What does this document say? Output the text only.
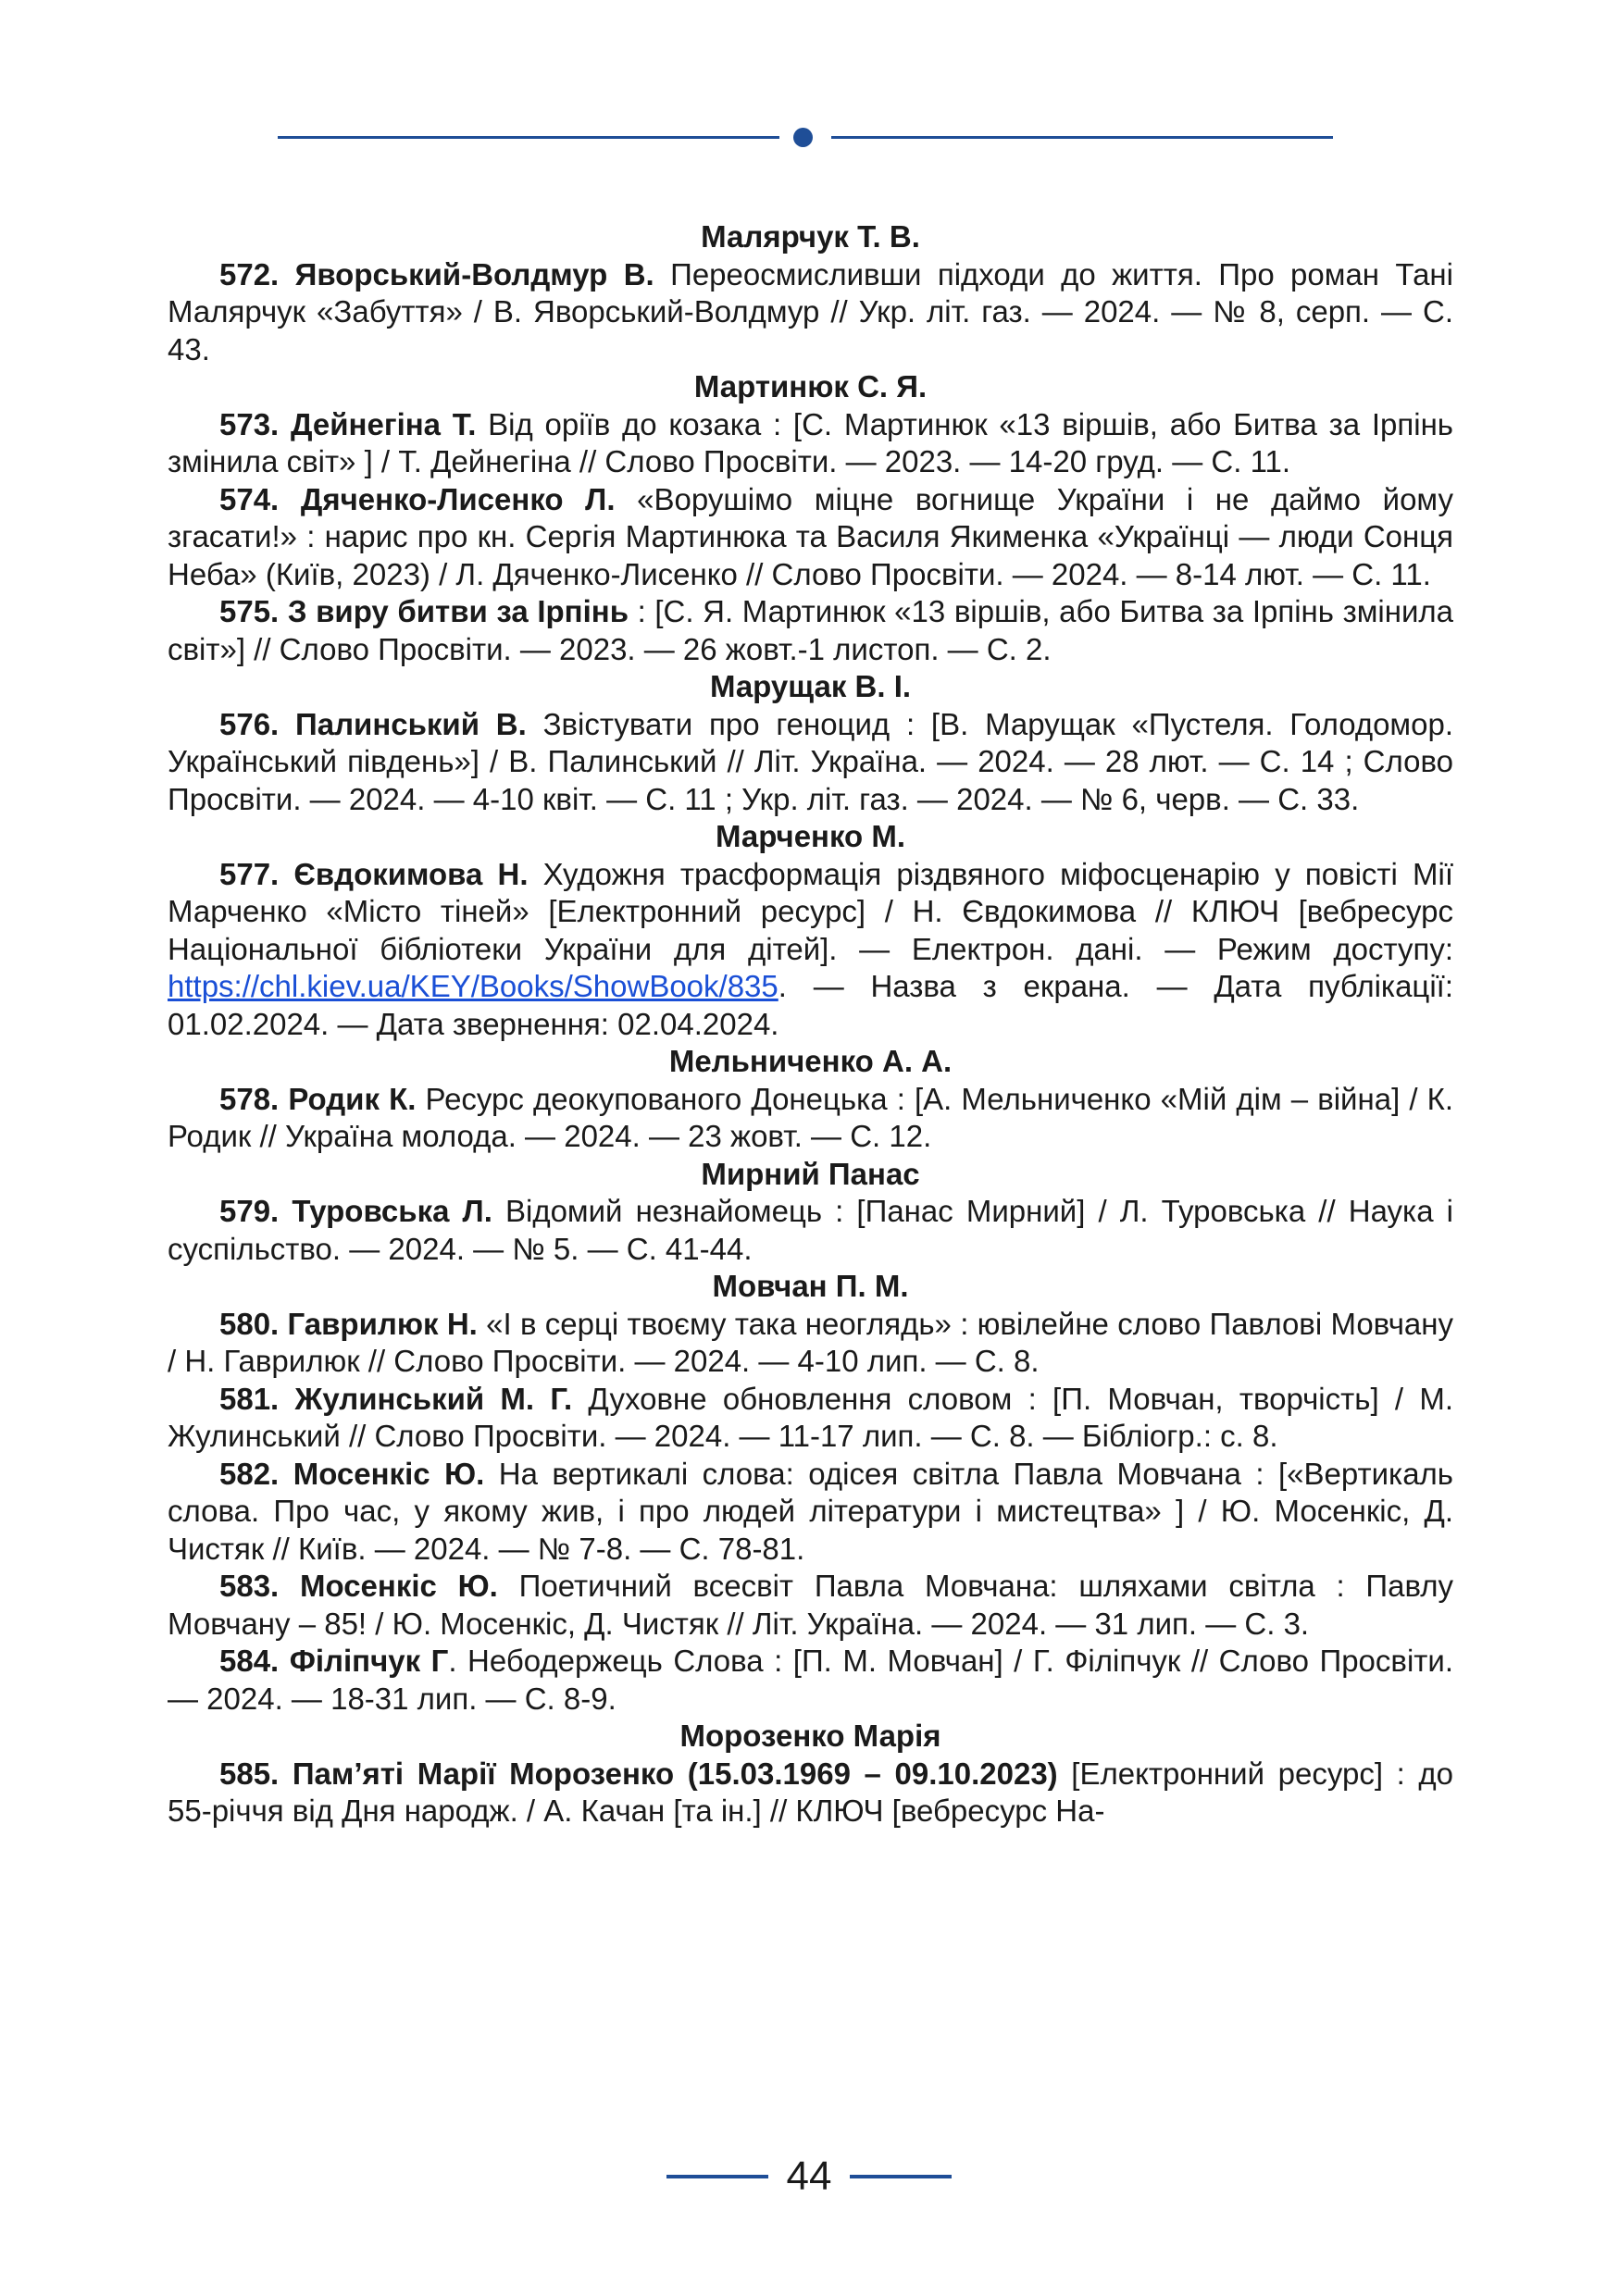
Малярчук Т. В.

572. Яворський-Волдмур В. Переосмисливши підходи до життя. Про роман Тані Малярчук «Забуття» / В. Яворський-Волдмур // Укр. літ. газ. — 2024. — № 8, серп. — С. 43.

Мартинюк С. Я.

573. Дейнегіна Т. Від оріїв до козака : [С. Мартинюк «13 віршів, або Битва за Ірпінь змінила світ» ] / Т. Дейнегіна // Слово Просвіти. — 2023. — 14-20 груд. — С. 11.

574. Дяченко-Лисенко Л. «Ворушімо міцне вогнище України і не даймо йому згасати!» : нарис про кн. Сергія Мартинюка та Василя Якименка «Українці — люди Сонця Неба» (Київ, 2023) / Л. Дяченко-Лисенко // Слово Просвіти. — 2024. — 8-14 лют. — С. 11.

575. З виру битви за Ірпінь : [С. Я. Мартинюк «13 віршів, або Битва за Ірпінь змінила світ»] // Слово Просвіти. — 2023. — 26 жовт.-1 листоп. — С. 2.

Марущак В. І.

576. Палинський В. Звістувати про геноцид : [В. Марущак «Пустеля. Голодомор. Український південь»] / В. Палинський // Літ. Україна. — 2024. — 28 лют. — С. 14 ; Слово Просвіти. — 2024. — 4-10 квіт. — С. 11 ; Укр. літ. газ. — 2024. — № 6, черв. — С. 33.

Марченко М.

577. Євдокимова Н. Художня трасформація різдвяного міфосценарію у повісті Мії Марченко «Місто тіней» [Електронний ресурс] / Н. Євдокимова // КЛЮЧ [вебресурс Національної бібліотеки України для дітей]. — Електрон. дані. — Режим доступу: https://chl.kiev.ua/KEY/Books/ShowBook/835. — Назва з екрана. — Дата публікації: 01.02.2024. — Дата звернення: 02.04.2024.

Мельниченко А. А.

578. Родик К. Ресурс деокупованого Донецька : [А. Мельниченко «Мій дім – війна] / К. Родик // Україна молода. — 2024. — 23 жовт. — С. 12.

Мирний Панас

579. Туровська Л. Відомий незнайомець : [Панас Мирний] / Л. Туровська // Наука і суспільство. — 2024. — № 5. — С. 41-44.

Мовчан П. М.

580. Гаврилюк Н. «І в серці твоєму така неоглядь» : ювілейне слово Павлові Мовчану / Н. Гаврилюк // Слово Просвіти. — 2024. — 4-10 лип. — С. 8.

581. Жулинський М. Г. Духовне обновлення словом : [П. Мовчан, творчість] / М. Жулинський // Слово Просвіти. — 2024. — 11-17 лип. — С. 8. — Бібліогр.: с. 8.

582. Мосенкіс Ю. На вертикалі слова: одісея світла Павла Мовчана : [«Вертикаль слова. Про час, у якому жив, і про людей літератури і мистецтва» ] / Ю. Мосенкіс, Д. Чистяк // Київ. — 2024. — № 7-8. — С. 78-81.

583. Мосенкіс Ю. Поетичний всесвіт Павла Мовчана: шляхами світла : Павлу Мовчану – 85! / Ю. Мосенкіс, Д. Чистяк // Літ. Україна. — 2024. — 31 лип. — С. 3.

584. Філіпчук Г. Небодержець Слова : [П. М. Мовчан] / Г. Філіпчук // Слово Просвіти. — 2024. — 18-31 лип. — С. 8-9.

Морозенко Марія

585. Пам’яті Марії Морозенко (15.03.1969 – 09.10.2023) [Електронний ресурс] : до 55-річчя від Дня народж. / А. Качан [та ін.] // КЛЮЧ [вебресурс На-

44
